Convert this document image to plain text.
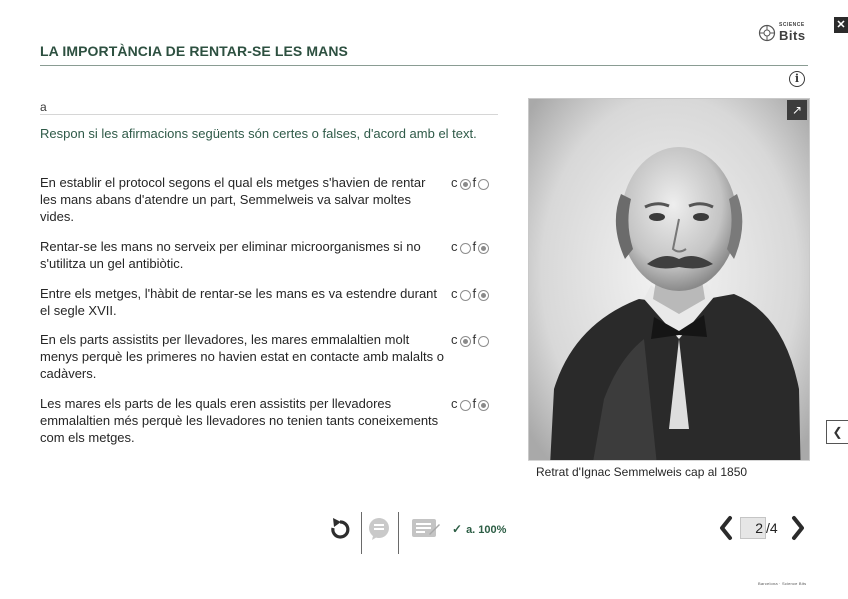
✕
SCIENCE
Bits
LA IMPORTÀNCIA DE RENTAR-SE LES MANS
i
a
Respon si les afirmacions següents són certes o falses, d'acord amb el text.
En establir el protocol segons el qual els metges s'havien de rentar les mans abans d'atendre un part, Semmelweis va salvar moltes vides.
c f
Rentar-se les mans no serveix per eliminar microorganismes si no s'utilitza un gel antibiòtic.
c f
Entre els metges, l'hàbit de rentar-se les mans es va estendre durant el segle XVII.
c f
En els parts assistits per llevadores, les mares emmalaltien molt menys perquè les primeres no havien estat en contacte amb malalts o cadàvers.
c f
Les mares els parts de les quals eren assistits per llevadores emmalaltien més perquè les llevadores no tenien tants coneixements com els metges.
c f
↗
Retrat d'Ignac Semmelweis cap al 1850
❮
✓ a. 100%	2 /4
Barcelona · Science Bits
